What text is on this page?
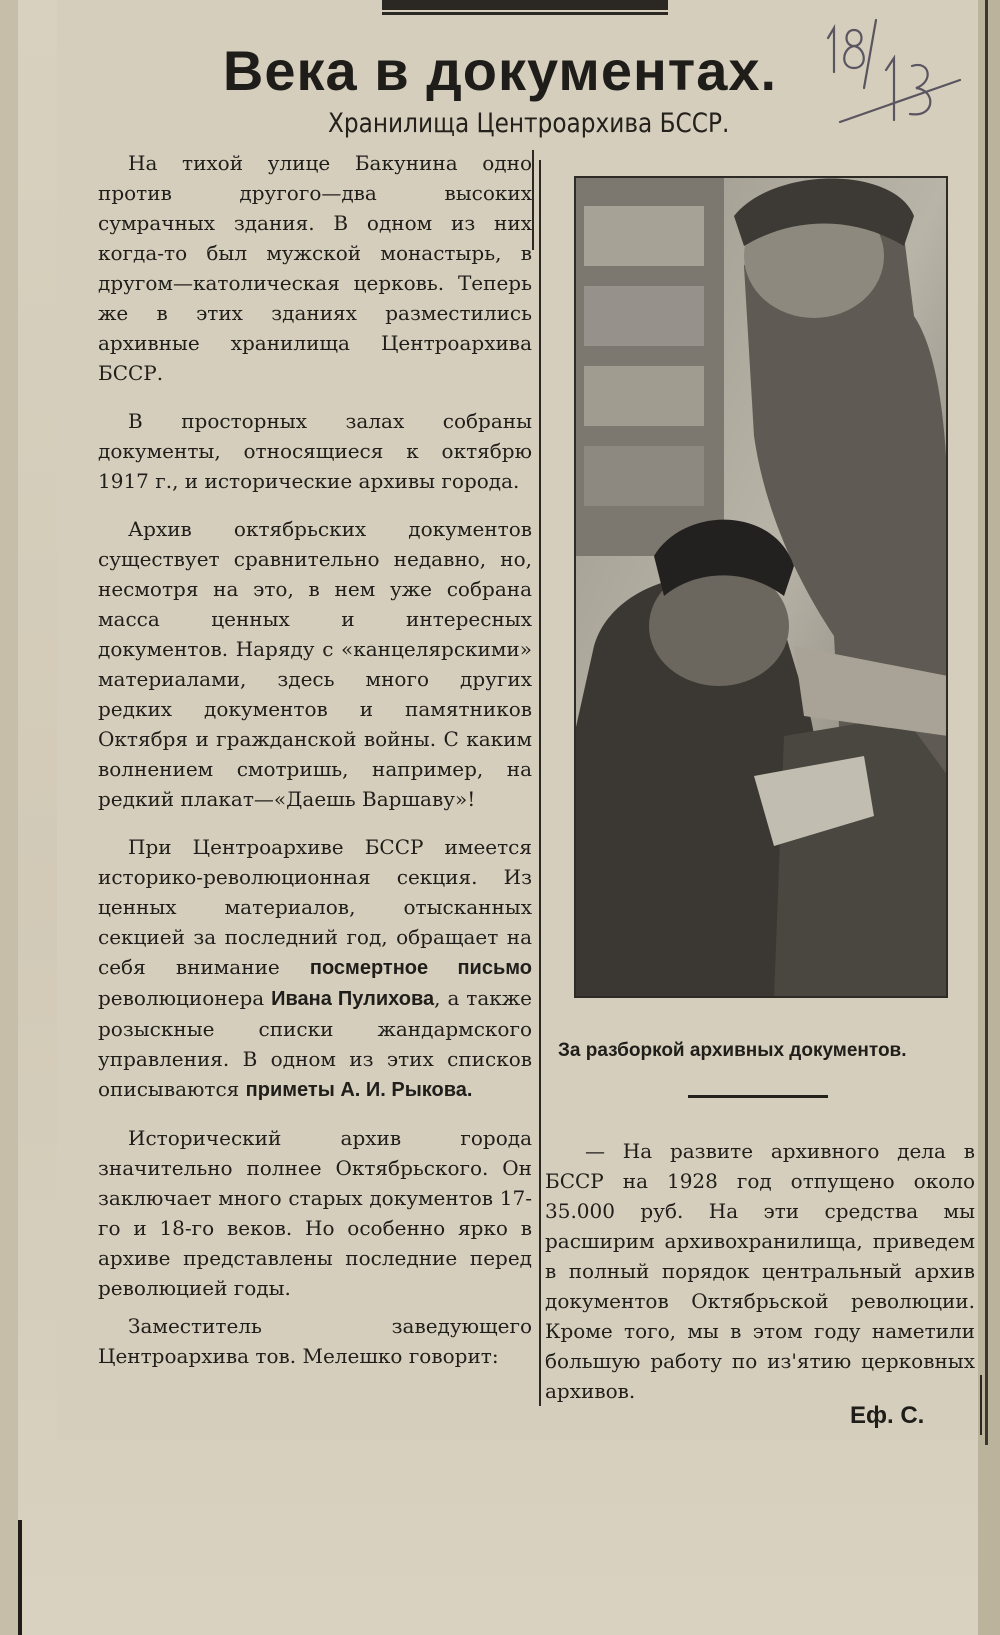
Века в документах.
Хранилища Центроархива БССР.

На тихой улице Бакунина одно против другого—два высоких сумрачных здания. В одном из них когда-то был мужской монастырь, в другом—католическая церковь. Теперь же в этих зданиях разместились архивные хранилища Центроархива БССР.

В просторных залах собраны документы, относящиеся к октябрю 1917 г., и исторические архивы города.

Архив октябрьских документов существует сравнительно недавно, но, несмотря на это, в нем уже собрана масса ценных и интересных документов. Наряду с «канцелярскими» материалами, здесь много других редких документов и памятников Октября и гражданской войны. С каким волнением смотришь, например, на редкий плакат—«Даешь Варшаву»!

При Центроархиве БССР имеется историко-революционная секция. Из ценных материалов, отысканных секцией за последний год, обращает на себя внимание посмертное письмо революционера Ивана Пулихова, а также розыскные списки жандармского управления. В одном из этих списков описываются приметы А. И. Рыкова.

Исторический архив города значительно полнее Октябрьского. Он заключает много старых документов 17-го и 18-го веков. Но особенно ярко в архиве представлены последние перед революцией годы.

Заместитель заведующего Центроархива тов. Мелешко говорит:

За разборкой архивных документов.

— На развите архивного дела в БССР на 1928 год отпущено около 35.000 руб. На эти средства мы расширим архивохранилища, приведем в полный порядок центральный архив документов Октябрьской революции. Кроме того, мы в этом году наметили большую работу по из'ятию церковных архивов.

Еф. С.
